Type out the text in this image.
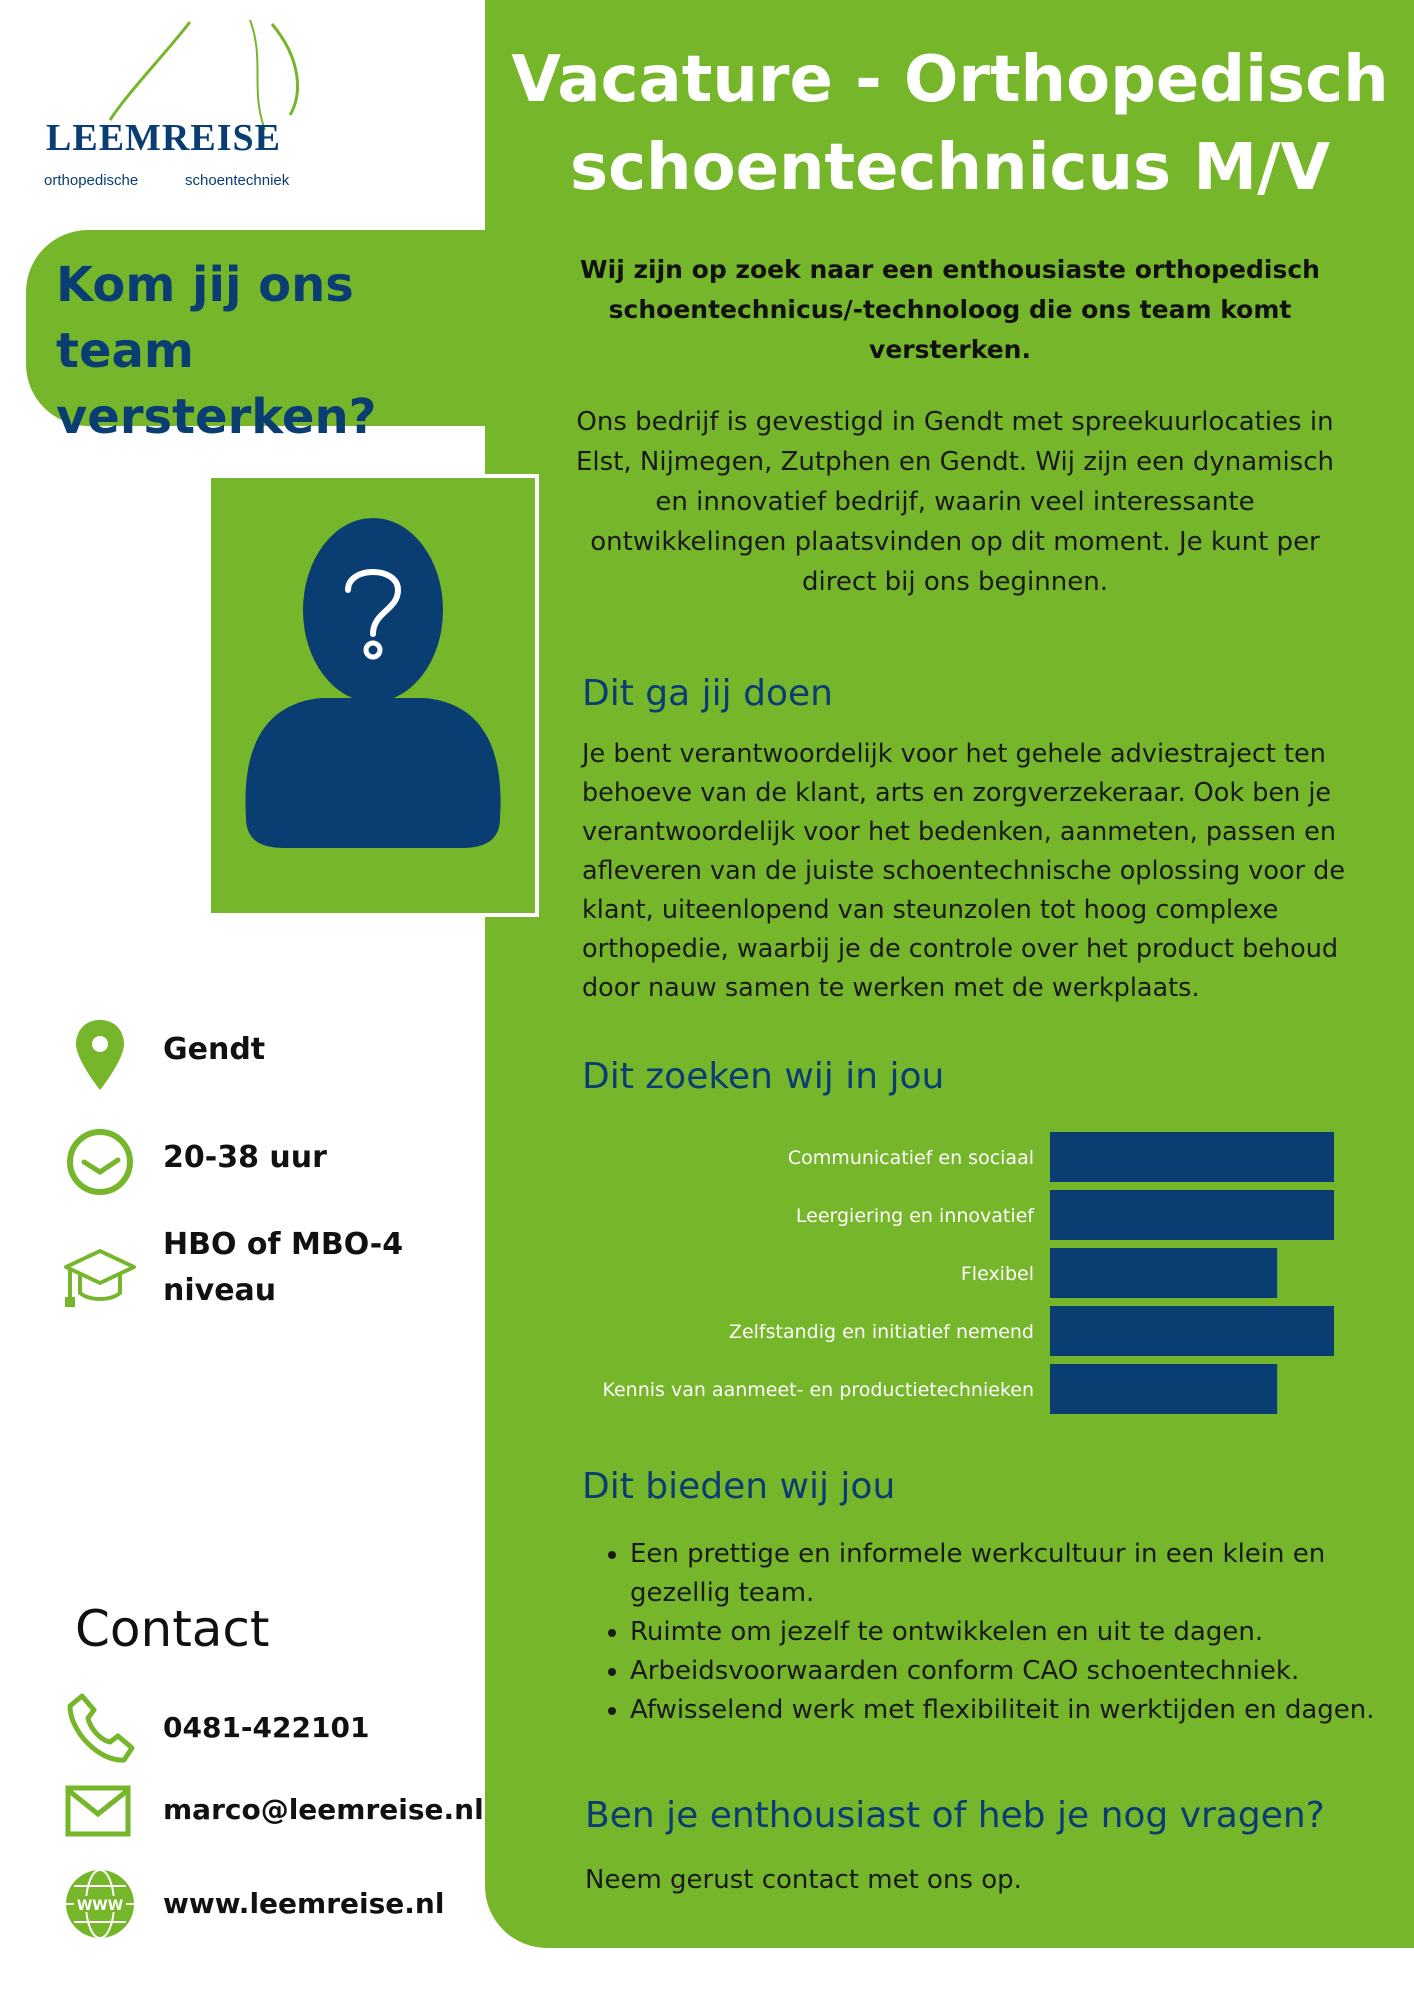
LEEMREISE
orthopedische	schoentechniek
Kom jij ons team versterken?
Gendt
20-38 uur
HBO of MBO-4
niveau
Contact
0481-422101
marco@leemreise.nl
WWW www.leemreise.nl
Vacature - Orthopedisch
schoentechnicus M/V
Wij zijn op zoek naar een enthousiaste orthopedisch schoentechnicus/-technoloog die ons team komt versterken.
Ons bedrijf is gevestigd in Gendt met spreekuurlocaties in Elst, Nijmegen, Zutphen en Gendt. Wij zijn een dynamisch en innovatief bedrijf, waarin veel interessante ontwikkelingen plaatsvinden op dit moment. Je kunt per direct bij ons beginnen.
Dit ga jij doen
Je bent verantwoordelijk voor het gehele adviestraject ten behoeve van de klant, arts en zorgverzekeraar. Ook ben je verantwoordelijk voor het bedenken, aanmeten, passen en afleveren van de juiste schoentechnische oplossing voor de klant, uiteenlopend van steunzolen tot hoog complexe orthopedie, waarbij je de controle over het product behoud door nauw samen te werken met de werkplaats.
Dit zoeken wij in jou
Communicatief en sociaal
Leergiering en innovatief
Flexibel
Zelfstandig en initiatief nemend
Kennis van aanmeet- en productietechnieken
Dit bieden wij jou
• Een prettige en informele werkcultuur in een klein en gezellig team.
• Ruimte om jezelf te ontwikkelen en uit te dagen.
• Arbeidsvoorwaarden conform CAO schoentechniek.
• Afwisselend werk met flexibiliteit in werktijden en dagen.
Ben je enthousiast of heb je nog vragen?
Neem gerust contact met ons op.
